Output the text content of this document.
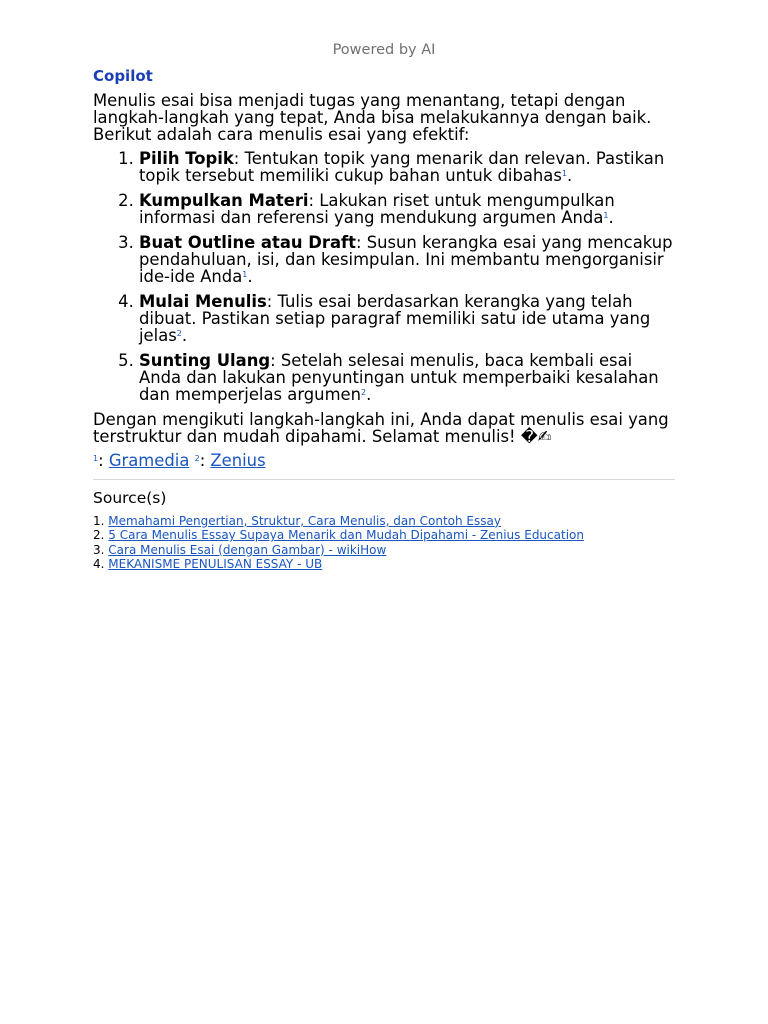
Powered by AI
Copilot

Menulis esai bisa menjadi tugas yang menantang, tetapi dengan langkah-langkah yang tepat, Anda bisa melakukannya dengan baik. Berikut adalah cara menulis esai yang efektif:

1. Pilih Topik: Tentukan topik yang menarik dan relevan. Pastikan topik tersebut memiliki cukup bahan untuk dibahas$^1$.
2. Kumpulkan Materi: Lakukan riset untuk mengumpulkan informasi dan referensi yang mendukung argumen Anda$^1$.
3. Buat Outline atau Draft: Susun kerangka esai yang mencakup pendahuluan, isi, dan kesimpulan. Ini membantu mengorganisir ide-ide Anda$^1$.
4. Mulai Menulis: Tulis esai berdasarkan kerangka yang telah dibuat. Pastikan setiap paragraf memiliki satu ide utama yang jelas$^2$.
5. Sunting Ulang: Setelah selesai menulis, baca kembali esai Anda dan lakukan penyuntingan untuk memperbaiki kesalahan dan memperjelas argumen$^2$.

Dengan mengikuti langkah-langkah ini, Anda dapat menulis esai yang terstruktur dan mudah dipahami. Selamat menulis! �✍

$^1$: Gramedia $^2$: Zenius
Source(s)
1. Memahami Pengertian, Struktur, Cara Menulis, dan Contoh Essay
2. 5 Cara Menulis Essay Supaya Menarik dan Mudah Dipahami - Zenius Education
3. Cara Menulis Esai (dengan Gambar) - wikiHow
4. MEKANISME PENULISAN ESSAY - UB
